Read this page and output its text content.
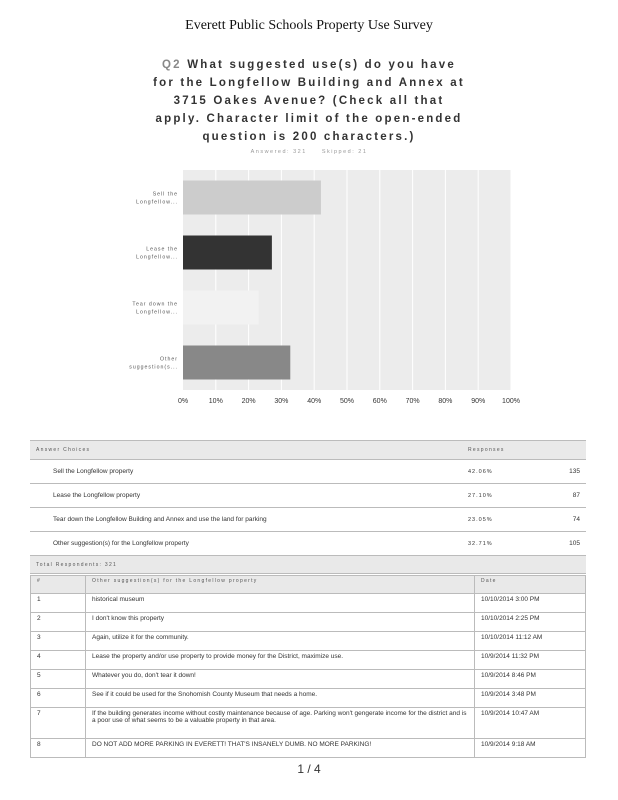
Everett Public Schools Property Use Survey
Q2 What suggested use(s) do you have for the Longfellow Building and Annex at 3715 Oakes Avenue? (Check all that apply. Character limit of the open-ended question is 200 characters.)
Answered: 321	Skipped: 21
0%	10%	20%	30%	40%	50%	60%	70%	80%	90% 100%
Sell the Longfellow...
Lease the Longfellow...
Tear down the Longfellow...
Other suggestion(s...
Answer Choices	Responses	
Sell the Longfellow property	42.06%	135
Lease the Longfellow property	27.10%	87
Tear down the Longfellow Building and Annex and use the land for parking	23.05%	74
Other suggestion(s) for the Longfellow property	32.71%	105
Total Respondents: 321		
#	Other suggestion(s) for the Longfellow property	Date
1	historical museum	10/10/2014 3:00 PM
2	I don't know this property	10/10/2014 2:25 PM
3	Again, utilize it for the community.	10/10/2014 11:12 AM
4	Lease the property and/or use property to provide money for the District, maximize use.	10/9/2014 11:32 PM
5	Whatever you do, don't tear it down!	10/9/2014 8:46 PM
6	See if it could be used for the Snohomish County Museum that needs a home.	10/9/2014 3:48 PM
7	If the building generates income without costly maintenance because of age. Parking won't gengerate income for the district and is a poor use of what seems to be a valuable property in that area.	10/9/2014 10:47 AM
8	DO NOT ADD MORE PARKING IN EVERETT! THAT'S INSANELY DUMB. NO MORE PARKING!	10/9/2014 9:18 AM
1 / 4
